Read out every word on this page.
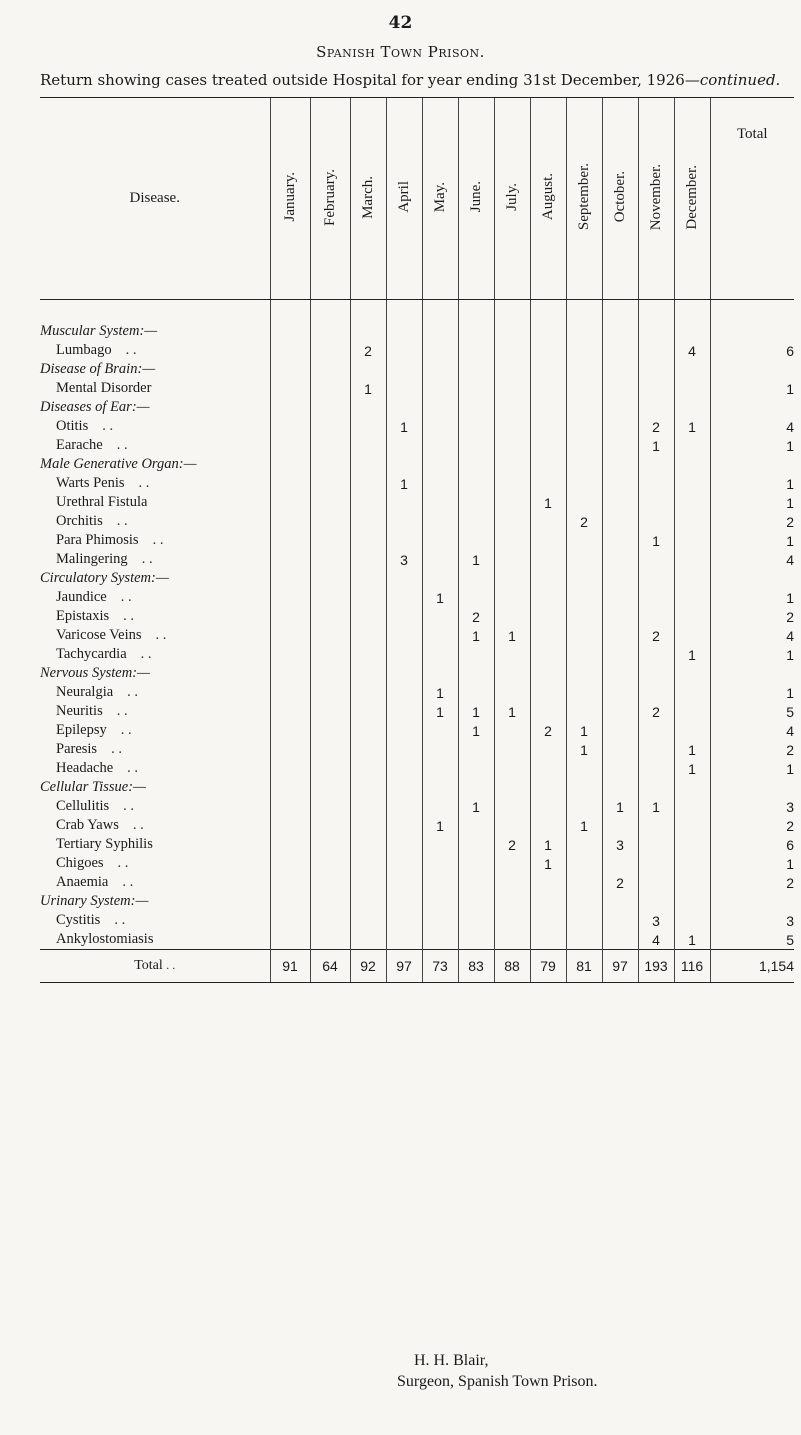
42
Spanish Town Prison.
Return showing cases treated outside Hospital for year ending 31st December, 1926—continued.
Disease.	January.	February.	March.	April	May.	June.	July.	August.	September.	October.	November.	December.	Total
Muscular System:—													
Lumbago . .			2									4	6
Disease of Brain:—													
Mental Disorder			1										1
Diseases of Ear:—													
Otitis . .				1							2	1	4
Earache . .											1		1
Male Generative Organ:—													
Warts Penis . .				1									1
Urethral Fistula								1					1
Orchitis . .									2				2
Para Phimosis . .											1		1
Malingering . .				3		1							4
Circulatory System:—													
Jaundice . .					1								1
Epistaxis . .						2							2
Varicose Veins . .						1	1				2		4
Tachycardia . .												1	1
Nervous System:—													
Neuralgia . .					1								1
Neuritis . .					1	1	1				2		5
Epilepsy . .						1		2	1				4
Paresis . .									1			1	2
Headache . .												1	1
Cellular Tissue:—													
Cellulitis . .						1				1	1		3
Crab Yaws . .					1				1				2
Tertiary Syphilis							2	1		3			6
Chigoes . .								1					1
Anaemia . .										2			2
Urinary System:—													
Cystitis . .											3		3
Ankylostomiasis											4	1	5
Total . .	91	64	92	97	73	83	88	79	81	97	193	116	1,154
H. H. Blair,
Surgeon, Spanish Town Prison.
